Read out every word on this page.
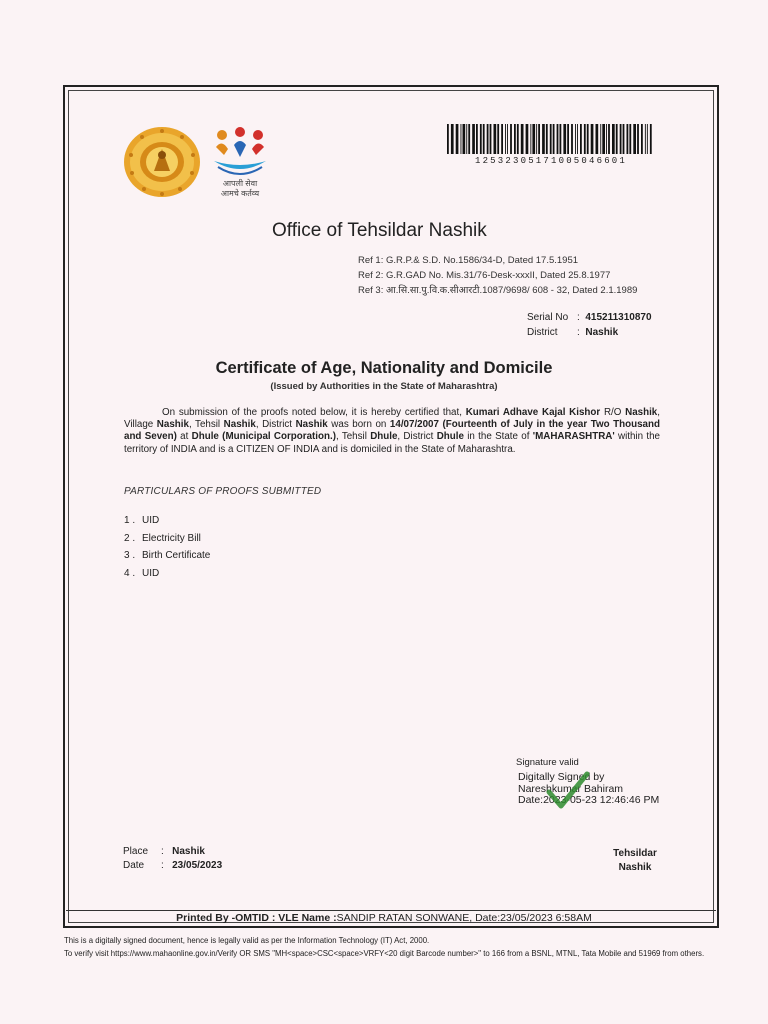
आपली सेवा
आमचे कर्तव्य
12532305171005046601
Office of Tehsildar Nashik
Ref 1: G.R.P.& S.D. No.1586/34-D, Dated 17.5.1951
Ref 2: G.R.GAD No. Mis.31/76-Desk-xxxII, Dated 25.8.1977
Ref 3: आ.सि.सा.पु.वि.क.सीआरटी.1087/9698/ 608 - 32, Dated 2.1.1989
Serial No : 415211310870
District : Nashik
Certificate of Age, Nationality and Domicile
(Issued by Authorities in the State of Maharashtra)
On submission of the proofs noted below, it is hereby certified that, Kumari Adhave Kajal Kishor R/O Nashik, Village Nashik, Tehsil Nashik, District Nashik was born on 14/07/2007 (Fourteenth of July in the year Two Thousand and Seven) at Dhule (Municipal Corporation.), Tehsil Dhule, District Dhule in the State of 'MAHARASHTRA' within the territory of INDIA and is a CITIZEN OF INDIA and is domiciled in the State of Maharashtra.
PARTICULARS OF PROOFS SUBMITTED
1 . UID
2 . Electricity Bill
3 . Birth Certificate
4 . UID
Signature valid
Digitally Signed by
Nareshkumar Bahiram
Date:2023-05-23 12:46:46 PM
Place : Nashik
Date : 23/05/2023
Tehsildar
Nashik
Printed By -OMTID : VLE Name :SANDIP RATAN SONWANE, Date:23/05/2023 6:58AM
This is a digitally signed document, hence is legally valid as per the Information Technology (IT) Act, 2000.
To verify visit https://www.mahaonline.gov.in/Verify OR SMS "MH<space>CSC<space>VRFY<20 digit Barcode number>" to 166 from a BSNL, MTNL, Tata Mobile and 51969 from others.
